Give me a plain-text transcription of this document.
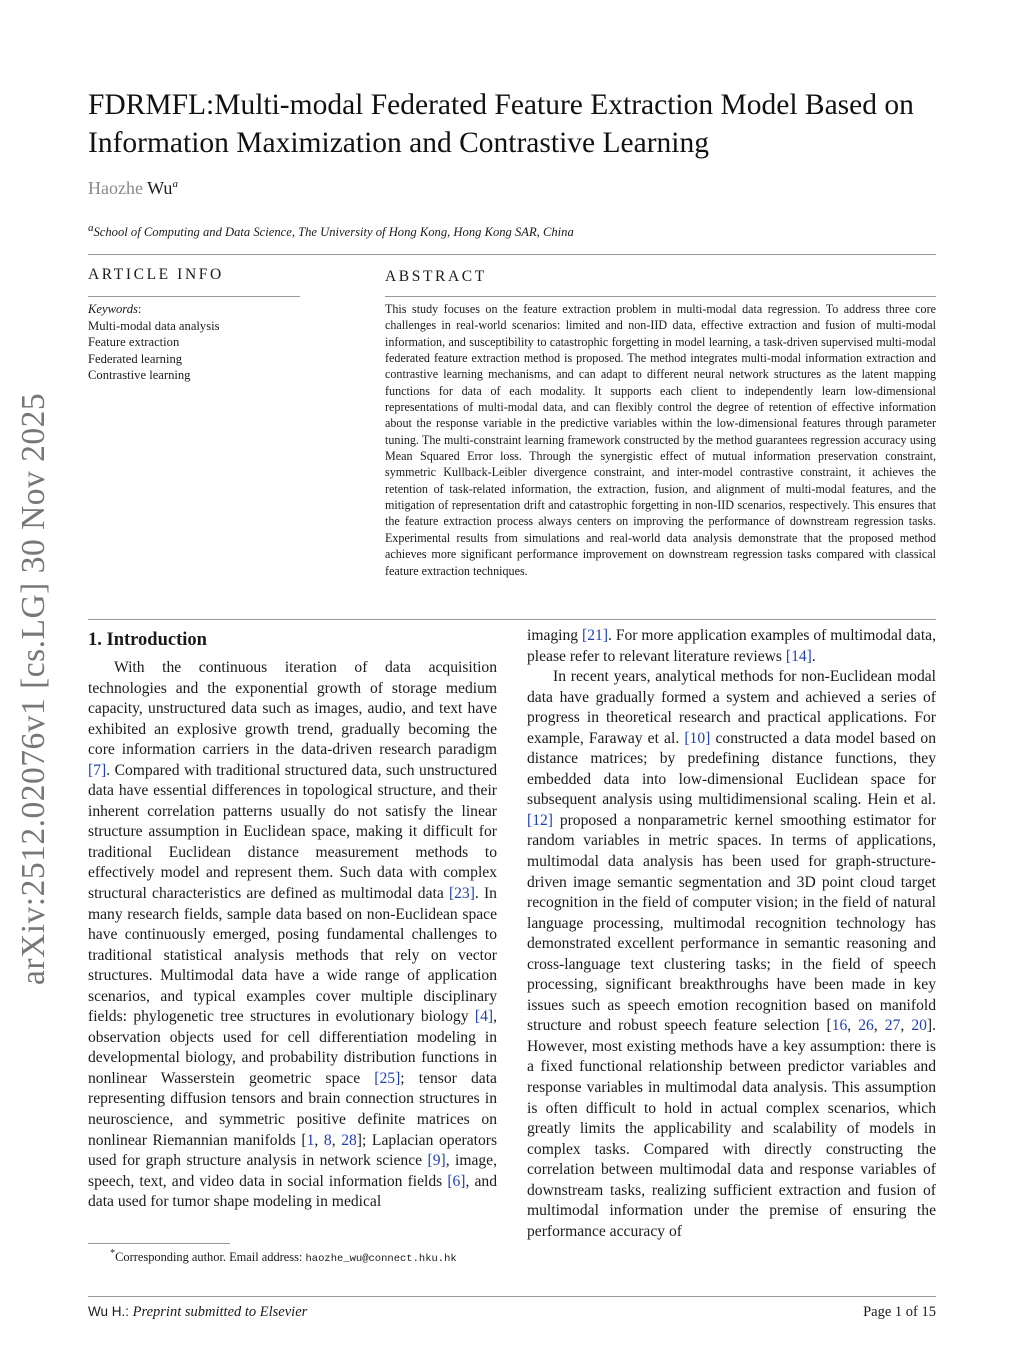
arXiv:2512.02076v1 [cs.LG] 30 Nov 2025
FDRMFL:Multi-modal Federated Feature Extraction Model Based on
Information Maximization and Contrastive Learning
Haozhe Wu$^a$
$^a$School of Computing and Data Science, The University of Hong Kong, Hong Kong SAR, China
ARTICLE INFO	ABSTRACT
Keywords:
Multi-modal data analysis
Feature extraction
Federated learning
Contrastive learning
This study focuses on the feature extraction problem in multi-modal data regression. To address three core challenges in real-world scenarios: limited and non-IID data, effective extraction and fusion of multi-modal information, and susceptibility to catastrophic forgetting in model learning, a task-driven supervised multi-modal federated feature extraction method is proposed. The method integrates multi-modal information extraction and contrastive learning mechanisms, and can adapt to different neural network structures as the latent mapping functions for data of each modality. It supports each client to independently learn low-dimensional representations of multi-modal data, and can flexibly control the degree of retention of effective information about the response variable in the predictive variables within the low-dimensional features through parameter tuning. The multi-constraint learning framework constructed by the method guarantees regression accuracy using Mean Squared Error loss. Through the synergistic effect of mutual information preservation constraint, symmetric Kullback-Leibler divergence constraint, and inter-model contrastive constraint, it achieves the retention of task-related information, the extraction, fusion, and alignment of multi-modal features, and the mitigation of representation drift and catastrophic forgetting in non-IID scenarios, respectively. This ensures that the feature extraction process always centers on improving the performance of downstream regression tasks. Experimental results from simulations and real-world data analysis demonstrate that the proposed method achieves more significant performance improvement on downstream regression tasks compared with classical feature extraction techniques.
1. Introduction

With the continuous iteration of data acquisition technologies and the exponential growth of storage medium capacity, unstructured data such as images, audio, and text have exhibited an explosive growth trend, gradually becoming the core information carriers in the data-driven research paradigm [7]. Compared with traditional structured data, such unstructured data have essential differences in topological structure, and their inherent correlation patterns usually do not satisfy the linear structure assumption in Euclidean space, making it difficult for traditional Euclidean distance measurement methods to effectively model and represent them. Such data with complex structural characteristics are defined as multimodal data [23]. In many research fields, sample data based on non-Euclidean space have continuously emerged, posing fundamental challenges to traditional statistical analysis methods that rely on vector structures. Multimodal data have a wide range of application scenarios, and typical examples cover multiple disciplinary fields: phylogenetic tree structures in evolutionary biology [4], observation objects used for cell differentiation modeling in developmental biology, and probability distribution functions in nonlinear Wasserstein geometric space [25]; tensor data representing diffusion tensors and brain connection structures in neuroscience, and symmetric positive definite matrices on nonlinear Riemannian manifolds [1, 8, 28]; Laplacian operators used for graph structure analysis in network science [9], image, speech, text, and video data in social information fields [6], and data used for tumor shape modeling in medical

imaging [21]. For more application examples of multimodal data, please refer to relevant literature reviews [14].

In recent years, analytical methods for non-Euclidean modal data have gradually formed a system and achieved a series of progress in theoretical research and practical applications. For example, Faraway et al. [10] constructed a data model based on distance matrices; by predefining distance functions, they embedded data into low-dimensional Euclidean space for subsequent analysis using multidimensional scaling. Hein et al. [12] proposed a nonparametric kernel smoothing estimator for random variables in metric spaces. In terms of applications, multimodal data analysis has been used for graph-structure-driven image semantic segmentation and 3D point cloud target recognition in the field of computer vision; in the field of natural language processing, multimodal recognition technology has demonstrated excellent performance in semantic reasoning and cross-language text clustering tasks; in the field of speech processing, significant breakthroughs have been made in key issues such as speech emotion recognition based on manifold structure and robust speech feature selection [16, 26, 27, 20]. However, most existing methods have a key assumption: there is a fixed functional relationship between predictor variables and response variables in multimodal data analysis. This assumption is often difficult to hold in actual complex scenarios, which greatly limits the applicability and scalability of models in complex tasks. Compared with directly constructing the correlation between multimodal data and response variables of downstream tasks, realizing sufficient extraction and fusion of multimodal information under the premise of ensuring the performance accuracy of

*Corresponding author. Email address: haozhe_wu@connect.hku.hk
Wu H.: Preprint submitted to Elsevier	Page 1 of 15
